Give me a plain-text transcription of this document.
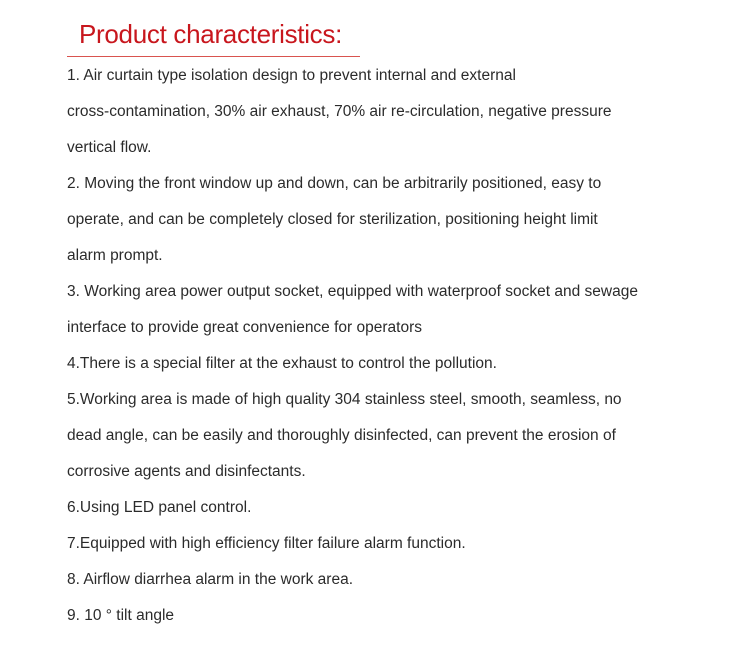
Product characteristics:
1. Air curtain type isolation design to prevent internal and external
cross-contamination, 30% air exhaust, 70% air re-circulation, negative pressure
vertical flow.
2. Moving the front window up and down, can be arbitrarily positioned, easy to
operate, and can be completely closed for sterilization, positioning height limit
alarm prompt.
3. Working area power output socket, equipped with waterproof socket and sewage
interface to provide great convenience for operators
4.There is a special filter at the exhaust to control the pollution.
5.Working area is made of high quality 304 stainless steel, smooth, seamless, no
dead angle, can be easily and thoroughly disinfected, can prevent the erosion of
corrosive agents and disinfectants.
6.Using LED panel control.
7.Equipped with high efficiency filter failure alarm function.
8. Airflow diarrhea alarm in the work area.
9. 10 ° tilt angle
